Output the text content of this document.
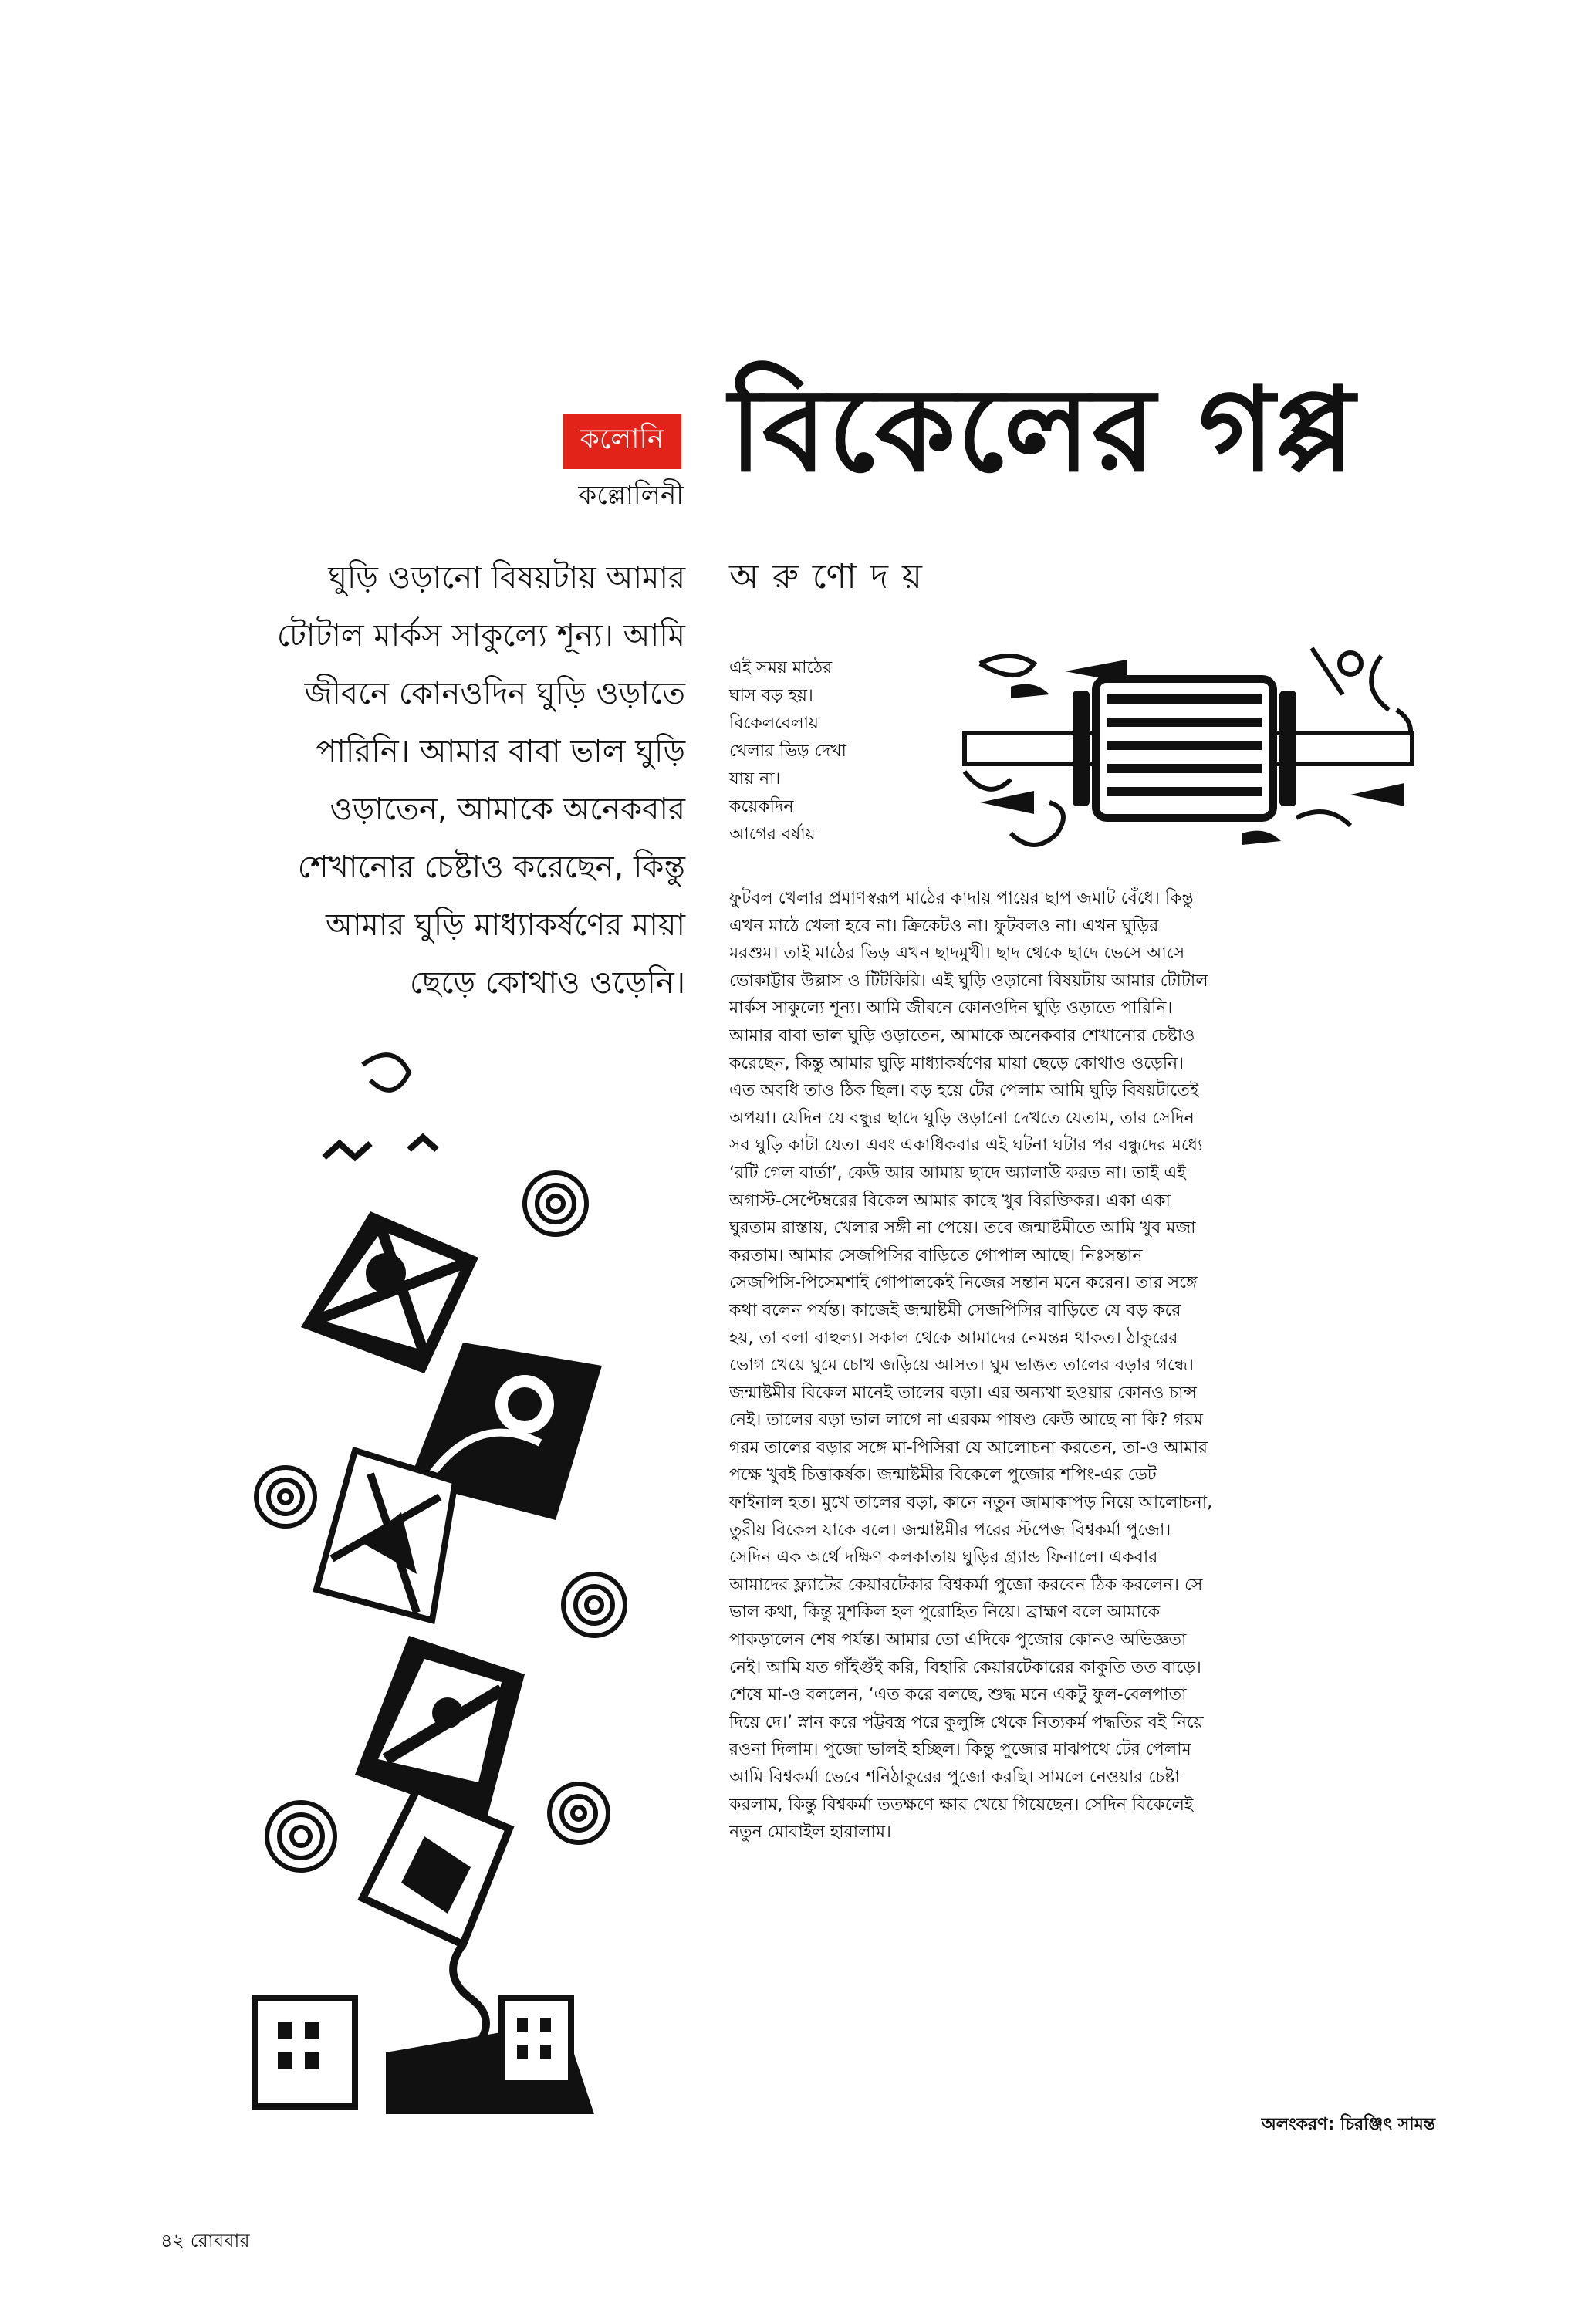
কলোনি
কল্লোলিনী বিকেলের গপ্প
অরুণোদয়
ঘুড়ি ওড়ানো বিষয়টায় আমার
টোটাল মার্কস সাকুল্যে শূন্য। আমি
জীবনে কোনওদিন ঘুড়ি ওড়াতে
পারিনি। আমার বাবা ভাল ঘুড়ি
ওড়াতেন, আমাকে অনেকবার
শেখানোর চেষ্টাও করেছেন, কিন্তু
আমার ঘুড়ি মাধ্যাকর্ষণের মায়া
ছেড়ে কোথাও ওড়েনি।
এই সময় মাঠের
ঘাস বড় হয়।
বিকেলবেলায়
খেলার ভিড় দেখা
যায় না।
কয়েকদিন
আগের বর্ষায়
ফুটবল খেলার প্রমাণস্বরূপ মাঠের কাদায় পায়ের ছাপ জমাট বেঁধে। কিন্তু
এখন মাঠে খেলা হবে না। ক্রিকেটও না। ফুটবলও না। এখন ঘুড়ির
মরশুম। তাই মাঠের ভিড় এখন ছাদমুখী। ছাদ থেকে ছাদে ভেসে আসে
ভোকাট্টার উল্লাস ও টিটকিরি। এই ঘুড়ি ওড়ানো বিষয়টায় আমার টোটাল
মার্কস সাকুল্যে শূন্য। আমি জীবনে কোনওদিন ঘুড়ি ওড়াতে পারিনি।
আমার বাবা ভাল ঘুড়ি ওড়াতেন, আমাকে অনেকবার শেখানোর চেষ্টাও
করেছেন, কিন্তু আমার ঘুড়ি মাধ্যাকর্ষণের মায়া ছেড়ে কোথাও ওড়েনি।
এত অবধি তাও ঠিক ছিল। বড় হয়ে টের পেলাম আমি ঘুড়ি বিষয়টাতেই
অপয়া। যেদিন যে বন্ধুর ছাদে ঘুড়ি ওড়ানো দেখতে যেতাম, তার সেদিন
সব ঘুড়ি কাটা যেত। এবং একাধিকবার এই ঘটনা ঘটার পর বন্ধুদের মধ্যে
‘রটি গেল বার্তা’, কেউ আর আমায় ছাদে অ্যালাউ করত না। তাই এই
অগাস্ট-সেপ্টেম্বরের বিকেল আমার কাছে খুব বিরক্তিকর। একা একা
ঘুরতাম রাস্তায়, খেলার সঙ্গী না পেয়ে। তবে জন্মাষ্টমীতে আমি খুব মজা
করতাম। আমার সেজপিসির বাড়িতে গোপাল আছে। নিঃসন্তান
সেজপিসি-পিসেমশাই গোপালকেই নিজের সন্তান মনে করেন। তার সঙ্গে
কথা বলেন পর্যন্ত। কাজেই জন্মাষ্টমী সেজপিসির বাড়িতে যে বড় করে
হয়, তা বলা বাহুল্য। সকাল থেকে আমাদের নেমন্তন্ন থাকত। ঠাকুরের
ভোগ খেয়ে ঘুমে চোখ জড়িয়ে আসত। ঘুম ভাঙত তালের বড়ার গন্ধে।
জন্মাষ্টমীর বিকেল মানেই তালের বড়া। এর অন্যথা হওয়ার কোনও চান্স
নেই। তালের বড়া ভাল লাগে না এরকম পাষণ্ড কেউ আছে না কি? গরম
গরম তালের বড়ার সঙ্গে মা-পিসিরা যে আলোচনা করতেন, তা-ও আমার
পক্ষে খুবই চিত্তাকর্ষক। জন্মাষ্টমীর বিকেলে পুজোর শপিং-এর ডেট
ফাইনাল হত। মুখে তালের বড়া, কানে নতুন জামাকাপড় নিয়ে আলোচনা,
তুরীয় বিকেল যাকে বলে। জন্মাষ্টমীর পরের স্টপেজ বিশ্বকর্মা পুজো।
সেদিন এক অর্থে দক্ষিণ কলকাতায় ঘুড়ির গ্র্যান্ড ফিনালে। একবার
আমাদের ফ্ল্যাটের কেয়ারটেকার বিশ্বকর্মা পুজো করবেন ঠিক করলেন। সে
ভাল কথা, কিন্তু মুশকিল হল পুরোহিত নিয়ে। ব্রাহ্মণ বলে আমাকে
পাকড়ালেন শেষ পর্যন্ত। আমার তো এদিকে পুজোর কোনও অভিজ্ঞতা
নেই। আমি যত গাঁইগুঁই করি, বিহারি কেয়ারটেকারের কাকুতি তত বাড়ে।
শেষে মা-ও বললেন, ‘এত করে বলছে, শুদ্ধ মনে একটু ফুল-বেলপাতা
দিয়ে দে।’ স্নান করে পট্টবস্ত্র পরে কুলুঙ্গি থেকে নিত্যকর্ম পদ্ধতির বই নিয়ে
রওনা দিলাম। পুজো ভালই হচ্ছিল। কিন্তু পুজোর মাঝপথে টের পেলাম
আমি বিশ্বকর্মা ভেবে শনিঠাকুরের পুজো করছি। সামলে নেওয়ার চেষ্টা
করলাম, কিন্তু বিশ্বকর্মা ততক্ষণে ক্ষার খেয়ে গিয়েছেন। সেদিন বিকেলেই
নতুন মোবাইল হারালাম।
অলংকরণ: চিরঞ্জিৎ সামন্ত
৪২ রোববার
